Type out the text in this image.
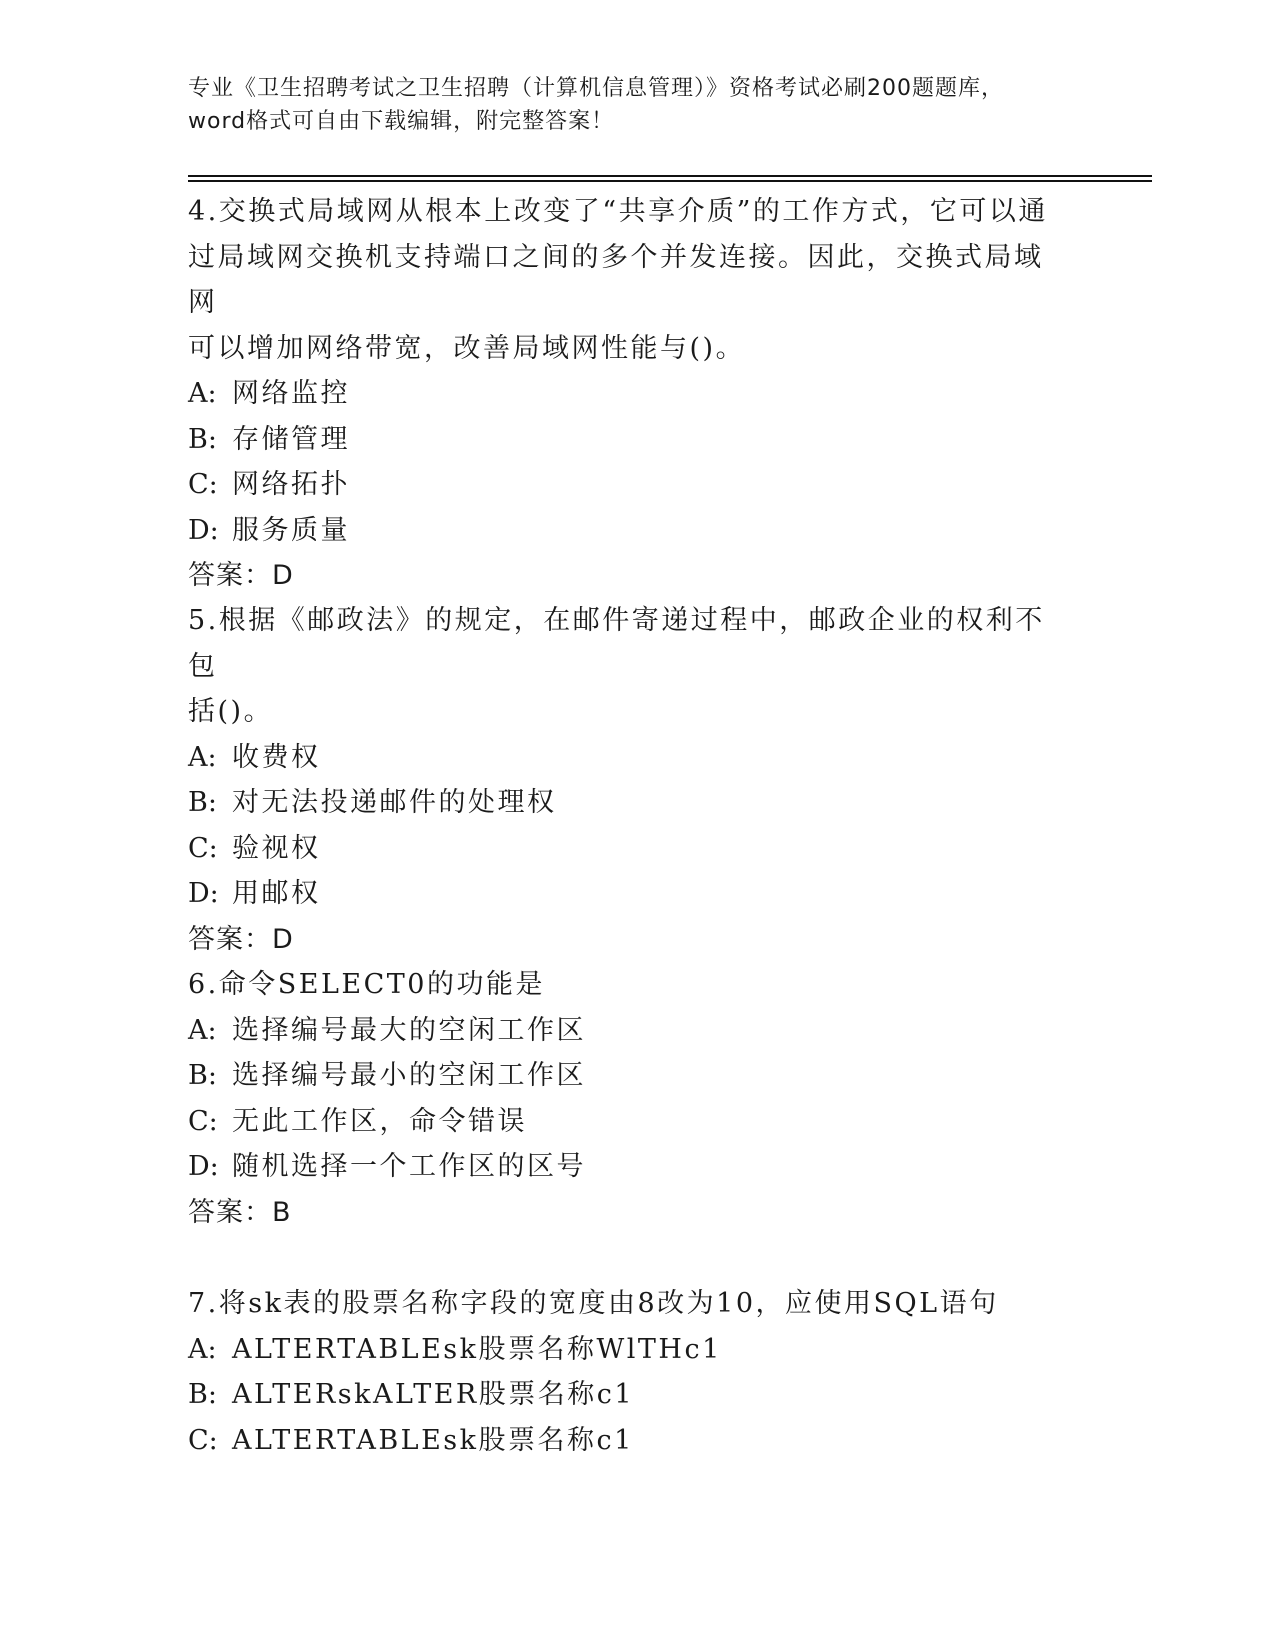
专业《卫生招聘考试之卫生招聘（计算机信息管理）》资格考试必刷200题题库，
word格式可自由下载编辑，附完整答案！

4.交换式局域网从根本上改变了“共享介质”的工作方式，它可以通

过局域网交换机支持端口之间的多个并发连接。因此，交换式局域网

可以增加网络带宽，改善局域网性能与()。

A: 网络监控

B: 存储管理

C: 网络拓扑

D: 服务质量

答案：D

5.根据《邮政法》的规定，在邮件寄递过程中，邮政企业的权利不包

括()。

A: 收费权

B: 对无法投递邮件的处理权

C: 验视权

D: 用邮权

答案：D

6.命令SELECT0的功能是

A: 选择编号最大的空闲工作区

B: 选择编号最小的空闲工作区

C: 无此工作区，命令错误

D: 随机选择一个工作区的区号

答案：B

7.将sk表的股票名称字段的宽度由8改为10，应使用SQL语句

A: ALTERTABLEsk股票名称WlTHc1

B: ALTERskALTER股票名称c1

C: ALTERTABLEsk股票名称c1
